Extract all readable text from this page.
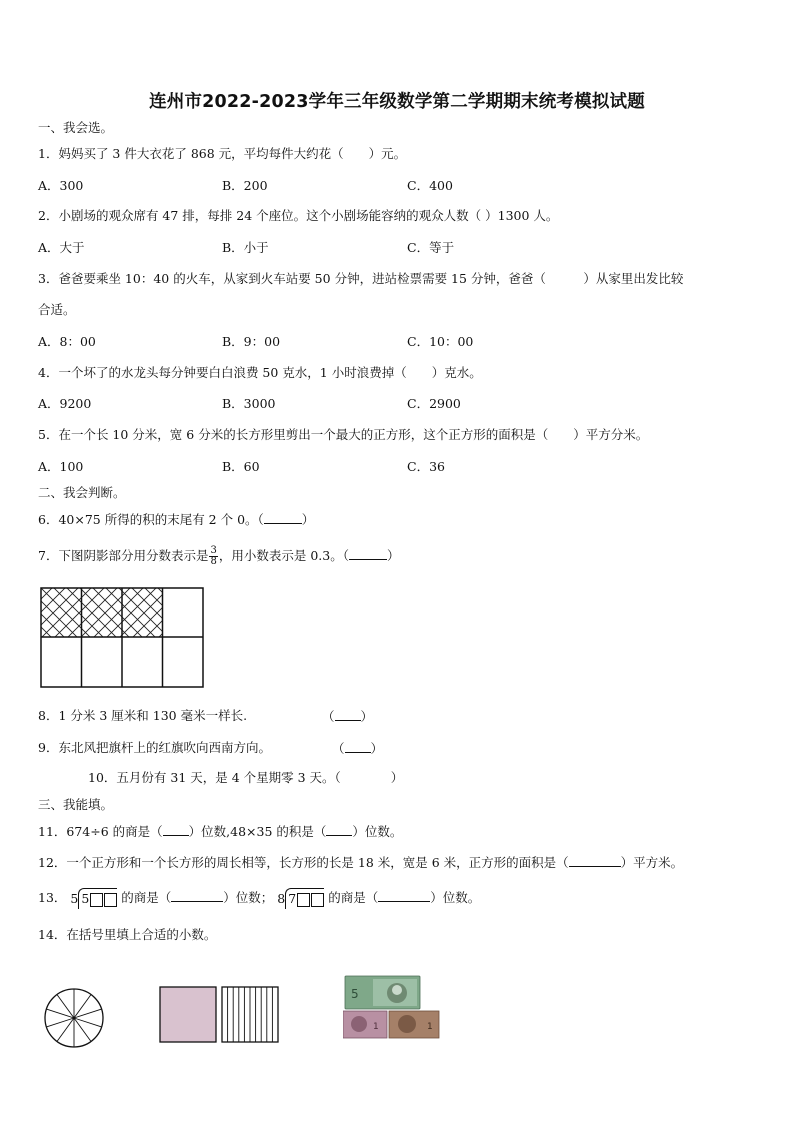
连州市2022-2023学年三年级数学第二学期期末统考模拟试题
一、我会选。
1．妈妈买了 3 件大衣花了 868 元，平均每件大约花（　　）元。
A．300	B．200	C．400
2．小剧场的观众席有 47 排，每排 24 个座位。这个小剧场能容纳的观众人数（ ）1300 人。
A．大于	B．小于	C．等于
3．爸爸要乘坐 10：40 的火车，从家到火车站要 50 分钟，进站检票需要 15 分钟，爸爸（　　　）从家里出发比较
合适。
A．8：00	B．9：00	C．10：00
4．一个坏了的水龙头每分钟要白白浪费 50 克水，1 小时浪费掉（　　）克水。
A．9200	B．3000	C．2900
5．在一个长 10 分米，宽 6 分米的长方形里剪出一个最大的正方形，这个正方形的面积是（　　）平方分米。
A．100	B．60	C．36
二、我会判断。
6．40×75 所得的积的末尾有 2 个 0。（	）
7．下图阴影部分用分数表示是 $\frac{3}{8}$ ，用小数表示是 0.3。（	）
8．1 分米 3 厘米和 130 毫米一样长.	（ ）
9．东北风把旗杆上的红旗吹向西南方向。	（ ）
10．五月份有 31 天，是 4 个星期零 3 天。（　　　　）
三、我能填。
11．674÷6 的商是（ ）位数,48×35 的积是（ ）位数。
12．一个正方形和一个长方形的周长相等，长方形的长是 18 米，宽是 6 米，正方形的面积是（	）平方米。
13． 5 5	的商是（	）位数； 8 7	的商是（	）位数。
14．在括号里填上合适的小数。
5
1	1
